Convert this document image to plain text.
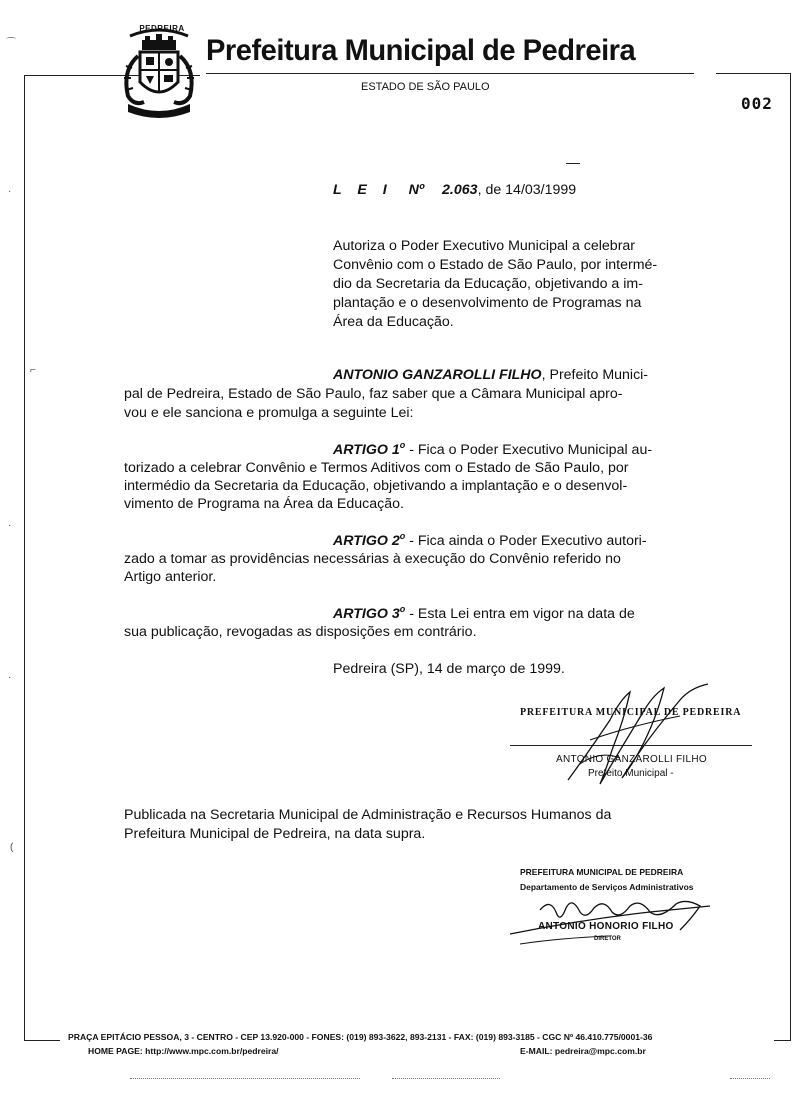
⌒
·
⌐
·
·
(
PEDREIRA
PORCELANA
Prefeitura Municipal de Pedreira
ESTADO DE SÃO PAULO
002
L E I Nº 2.063, de 14/03/1999
Autoriza o Poder Executivo Municipal a celebrar
Convênio com o Estado de São Paulo, por intermé-
dio da Secretaria da Educação, objetivando a im-
plantação e o desenvolvimento de Programas na
Área da Educação.
ANTONIO GANZAROLLI FILHO, Prefeito Munici-
pal de Pedreira, Estado de São Paulo, faz saber que a Câmara Municipal apro-
vou e ele sanciona e promulga a seguinte Lei:
ARTIGO 1$^o$ - Fica o Poder Executivo Municipal au-
torizado a celebrar Convênio e Termos Aditivos com o Estado de São Paulo, por
intermédio da Secretaria da Educação, objetivando a implantação e o desenvol-
vimento de Programa na Área da Educação.
ARTIGO 2$^o$ - Fica ainda o Poder Executivo autori-
zado a tomar as providências necessárias à execução do Convênio referido no
Artigo anterior.
ARTIGO 3$^o$ - Esta Lei entra em vigor na data de
sua publicação, revogadas as disposições em contrário.
Pedreira (SP), 14 de março de 1999.
PREFEITURA MUNICIPAL DE PEDREIRA
ANTONIO GANZAROLLI FILHO
Prefeito Municipal -
Publicada na Secretaria Municipal de Administração e Recursos Humanos da
Prefeitura Municipal de Pedreira, na data supra.
PREFEITURA MUNICIPAL DE PEDREIRA
Departamento de Serviços Administrativos
ANTONIO HONORIO FILHO
DIRETOR
PRAÇA EPITÁCIO PESSOA, 3 - CENTRO - CEP 13.920-000 - FONES: (019) 893-3622, 893-2131 - FAX: (019) 893-3185 - CGC Nº 46.410.775/0001-36
HOME PAGE: http://www.mpc.com.br/pedreira/	E-MAIL: pedreira@mpc.com.br
